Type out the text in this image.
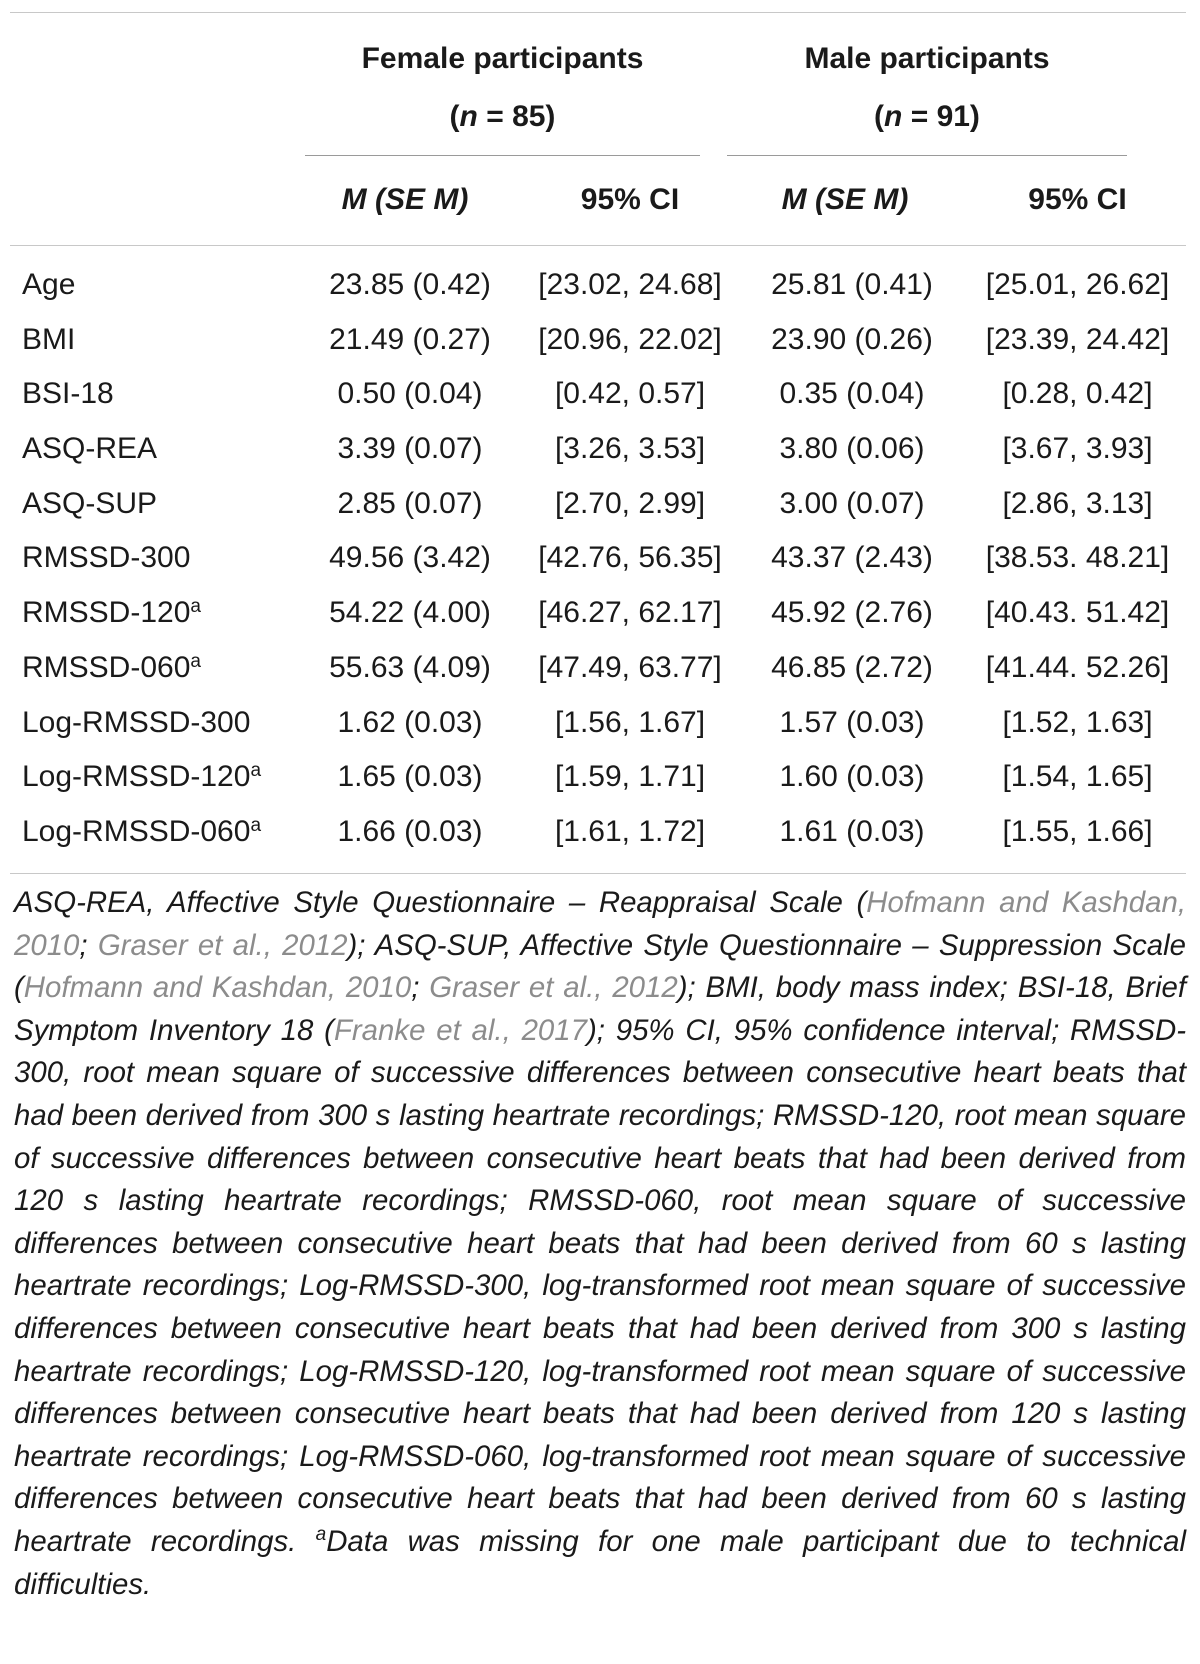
Female participants
(n = 85)
Male participants
(n = 91)
M (SE M)	95% CI	M (SE M)	95% CI
Age	23.85 (0.42)	[23.02, 24.68]	25.81 (0.41)	[25.01, 26.62]
BMI	21.49 (0.27)	[20.96, 22.02]	23.90 (0.26)	[23.39, 24.42]
BSI-18	0.50 (0.04)	[0.42, 0.57]	0.35 (0.04)	[0.28, 0.42]
ASQ-REA	3.39 (0.07)	[3.26, 3.53]	3.80 (0.06)	[3.67, 3.93]
ASQ-SUP	2.85 (0.07)	[2.70, 2.99]	3.00 (0.07)	[2.86, 3.13]
RMSSD-300	49.56 (3.42)	[42.76, 56.35]	43.37 (2.43)	[38.53. 48.21]
RMSSD-120$^a$	54.22 (4.00)	[46.27, 62.17]	45.92 (2.76)	[40.43. 51.42]
RMSSD-060$^a$	55.63 (4.09)	[47.49, 63.77]	46.85 (2.72)	[41.44. 52.26]
Log-RMSSD-300	1.62 (0.03)	[1.56, 1.67]	1.57 (0.03)	[1.52, 1.63]
Log-RMSSD-120$^a$	1.65 (0.03)	[1.59, 1.71]	1.60 (0.03)	[1.54, 1.65]
Log-RMSSD-060$^a$	1.66 (0.03)	[1.61, 1.72]	1.61 (0.03)	[1.55, 1.66]
ASQ-REA, Affective Style Questionnaire – Reappraisal Scale (Hofmann and Kashdan, 2010; Graser et al., 2012); ASQ-SUP, Affective Style Questionnaire – Suppression Scale (Hofmann and Kashdan, 2010; Graser et al., 2012); BMI, body mass index; BSI-18, Brief Symptom Inventory 18 (Franke et al., 2017); 95% CI, 95% confidence interval; RMSSD-300, root mean square of successive differences between consecutive heart beats that had been derived from 300 s lasting heartrate recordings; RMSSD-120, root mean square of successive differences between consecutive heart beats that had been derived from 120 s lasting heartrate recordings; RMSSD-060, root mean square of successive differences between consecutive heart beats that had been derived from 60 s lasting heartrate recordings; Log-RMSSD-300, log-transformed root mean square of successive differences between consecutive heart beats that had been derived from 300 s lasting heartrate recordings; Log-RMSSD-120, log-transformed root mean square of successive differences between consecutive heart beats that had been derived from 120 s lasting heartrate recordings; Log-RMSSD-060, log-transformed root mean square of successive differences between consecutive heart beats that had been derived from 60 s lasting heartrate recordings. $^a$Data was missing for one male participant due to technical difficulties.
